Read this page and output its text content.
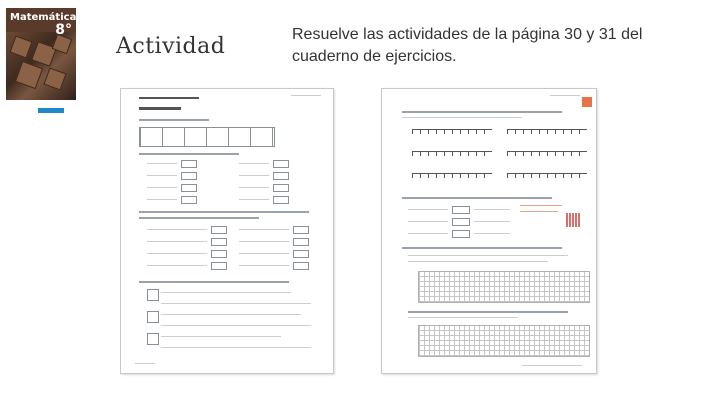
Matemática
8°
Actividad	Resuelve las actividades de la página 30 y 31 del cuaderno de ejercicios.
